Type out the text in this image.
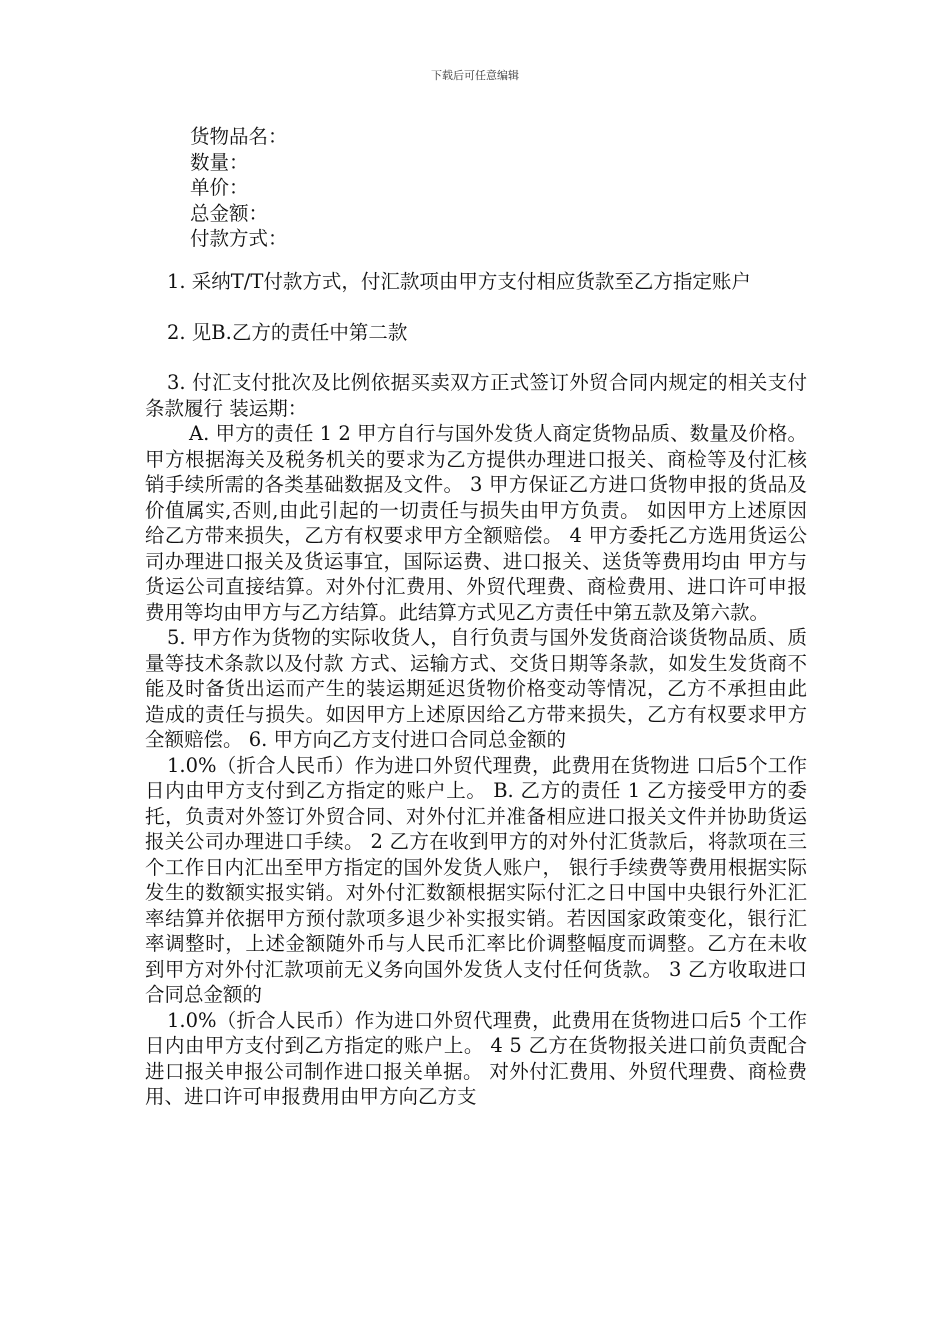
下载后可任意编辑
货物品名：
数量：
单价：
总金额：
付款方式：

1. 采纳T/T付款方式，付汇款项由甲方支付相应货款至乙方指定账户

2. 见B.乙方的责任中第二款

3. 付汇支付批次及比例依据买卖双方正式签订外贸合同内规定的相关支付条款履行 装运期：

A. 甲方的责任 1 2 甲方自行与国外发货人商定货物品质、数量及价格。 甲方根据海关及税务机关的要求为乙方提供办理进口报关、商检等及付汇核销手续所需的各类基础数据及文件。 3 甲方保证乙方进口货物申报的货品及价值属实,否则,由此引起的一切责任与损失由甲方负责。 如因甲方上述原因给乙方带来损失，乙方有权要求甲方全额赔偿。 4 甲方委托乙方选用货运公司办理进口报关及货运事宜，国际运费、进口报关、送货等费用均由 甲方与货运公司直接结算。对外付汇费用、外贸代理费、商检费用、进口许可申报费用等均由甲方与乙方结算。此结算方式见乙方责任中第五款及第六款。

5. 甲方作为货物的实际收货人，自行负责与国外发货商洽谈货物品质、质量等技术条款以及付款 方式、运输方式、交货日期等条款，如发生发货商不能及时备货出运而产生的装运期延迟货物价格变动等情况，乙方不承担由此造成的责任与损失。如因甲方上述原因给乙方带来损失，乙方有权要求甲方全额赔偿。 6. 甲方向乙方支付进口合同总金额的

1.0%（折合人民币）作为进口外贸代理费，此费用在货物进 口后5个工作日内由甲方支付到乙方指定的账户上。 B. 乙方的责任 1 乙方接受甲方的委托，负责对外签订外贸合同、对外付汇并准备相应进口报关文件并协助货运 报关公司办理进口手续。 2 乙方在收到甲方的对外付汇货款后，将款项在三个工作日内汇出至甲方指定的国外发货人账户， 银行手续费等费用根据实际发生的数额实报实销。对外付汇数额根据实际付汇之日中国中央银行外汇汇率结算并依据甲方预付款项多退少补实报实销。若因国家政策变化，银行汇率调整时，上述金额随外币与人民币汇率比价调整幅度而调整。乙方在未收到甲方对外付汇款项前无义务向国外发货人支付任何货款。 3 乙方收取进口合同总金额的

1.0%（折合人民币）作为进口外贸代理费，此费用在货物进口后5 个工作日内由甲方支付到乙方指定的账户上。 4 5 乙方在货物报关进口前负责配合进口报关申报公司制作进口报关单据。 对外付汇费用、外贸代理费、商检费用、进口许可申报费用由甲方向乙方支
